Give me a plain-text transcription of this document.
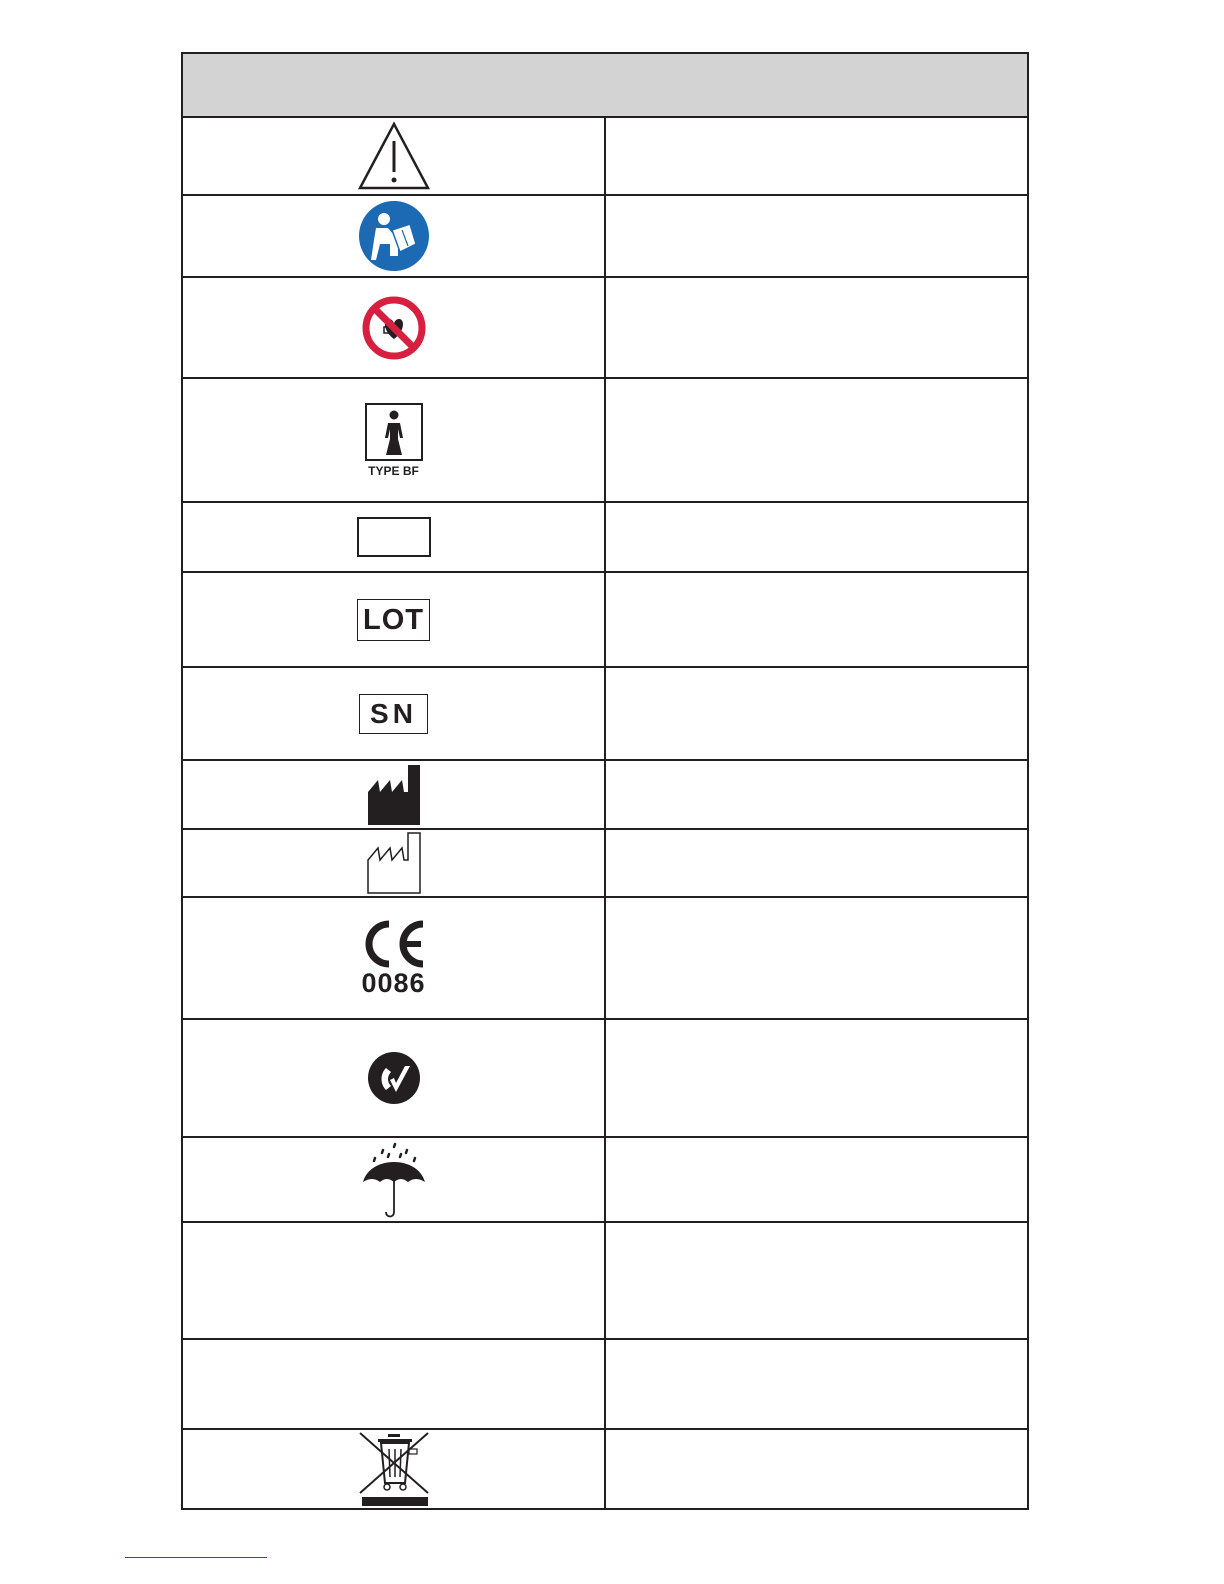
TYPE BF	

LOT	
SN	

0086	
